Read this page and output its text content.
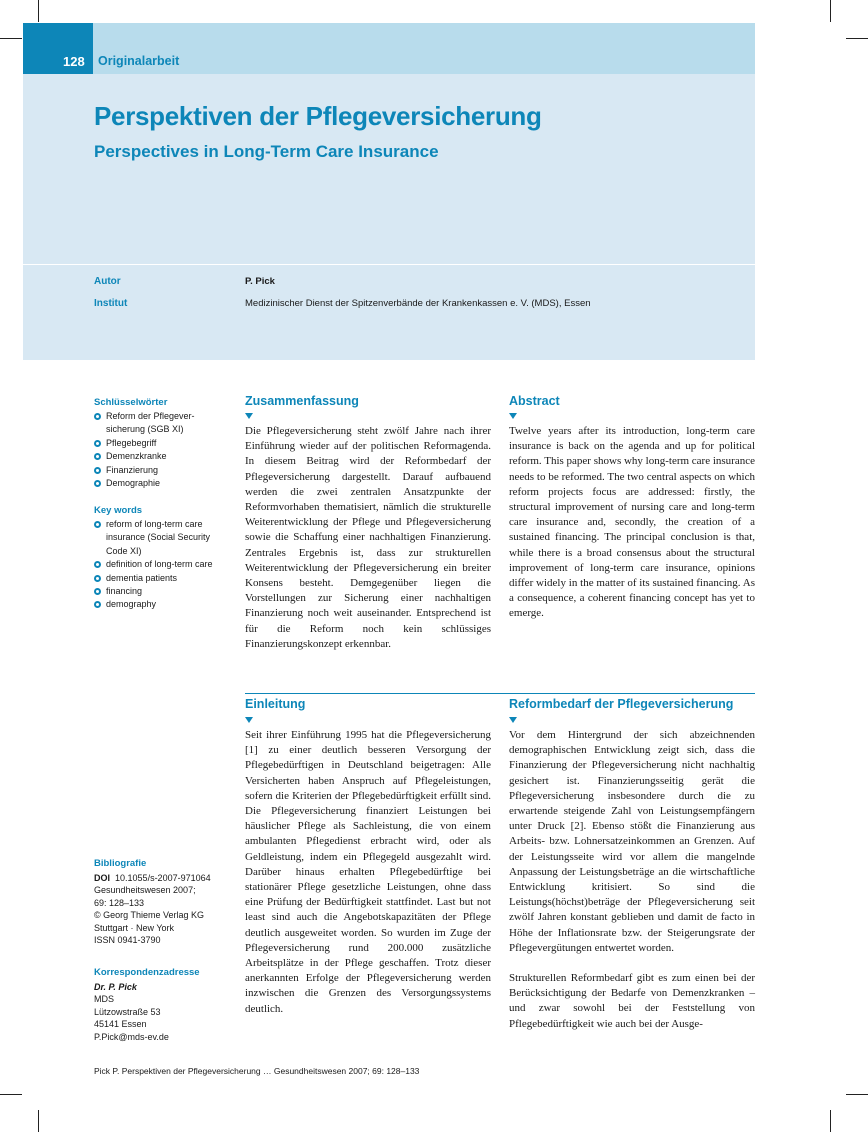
128 Originalarbeit
Perspektiven der Pflegeversicherung
Perspectives in Long-Term Care Insurance
Autor	P. Pick
Institut	Medizinischer Dienst der Spitzenverbände der Krankenkassen e. V. (MDS), Essen
Schlüsselwörter
Reform der Pflegever-sicherung (SGB XI)
Pflegebegriff
Demenzkranke
Finanzierung
Demographie
Key words
reform of long-term care insurance (Social Security Code XI)
definition of long-term care
dementia patients
financing
demography
Bibliografie
DOI 10.1055/s-2007-971064
Gesundheitswesen 2007;
69: 128–133
© Georg Thieme Verlag KG
Stuttgart · New York
ISSN 0941-3790
Korrespondenzadresse
Dr. P. Pick
MDS
Lützowstraße 53
45141 Essen
P.Pick@mds-ev.de
Zusammenfassung

Die Pflegeversicherung steht zwölf Jahre nach ihrer Einführung wieder auf der politischen Reformagenda. In diesem Beitrag wird der Reformbedarf der Pflegeversicherung dargestellt. Darauf aufbauend werden die zwei zentralen Ansatzpunkte der Reformvorhaben thematisiert, nämlich die strukturelle Weiterentwicklung der Pflege und Pflegeversicherung sowie die Schaffung einer nachhaltigen Finanzierung. Zentrales Ergebnis ist, dass zur strukturellen Weiterentwicklung der Pflegeversicherung ein breiter Konsens besteht. Demgegenüber liegen die Vorstellungen zur Sicherung einer nachhaltigen Finanzierung noch weit auseinander. Entsprechend ist für die Reform noch kein schlüssiges Finanzierungskonzept erkennbar.

Abstract

Twelve years after its introduction, long-term care insurance is back on the agenda and up for political reform. This paper shows why long-term care insurance needs to be reformed. The two central aspects on which reform projects focus are addressed: firstly, the structural improvement of nursing care and long-term care insurance and, secondly, the creation of a sustained financing. The principal conclusion is that, while there is a broad consensus about the structural improvement of long-term care insurance, opinions differ widely in the matter of its sustained financing. As a consequence, a coherent financing concept has yet to emerge.

Einleitung

Seit ihrer Einführung 1995 hat die Pflegeversicherung [1] zu einer deutlich besseren Versorgung der Pflegebedürftigen in Deutschland beigetragen: Alle Versicherten haben Anspruch auf Pflegeleistungen, sofern die Kriterien der Pflegebedürftigkeit erfüllt sind. Die Pflegeversicherung finanziert Leistungen bei häuslicher Pflege als Sachleistung, die von einem ambulanten Pflegedienst erbracht wird, oder als Geldleistung, indem ein Pflegegeld ausgezahlt wird. Darüber hinaus erhalten Pflegebedürftige bei stationärer Pflege gesetzliche Leistungen, ohne dass eine Prüfung der Bedürftigkeit stattfindet. Last but not least sind auch die Angebotskapazitäten der Pflege deutlich ausgeweitet worden. So wurden im Zuge der Pflegeversicherung rund 200.000 zusätzliche Arbeitsplätze in der Pflege geschaffen. Trotz dieser anerkannten Erfolge der Pflegeversicherung werden inzwischen die Grenzen des Versorgungssystems deutlich.

Reformbedarf der Pflegeversicherung

Vor dem Hintergrund der sich abzeichnenden demographischen Entwicklung zeigt sich, dass die Finanzierung der Pflegeversicherung nicht nachhaltig gesichert ist. Finanzierungsseitig gerät die Pflegeversicherung insbesondere durch die zu erwartende steigende Zahl von Leistungsempfängern unter Druck [2]. Ebenso stößt die Finanzierung aus Arbeits- bzw. Lohnersatzeinkommen an Grenzen. Auf der Leistungsseite wird vor allem die mangelnde Anpassung der Leistungsbeträge an die wirtschaftliche Entwicklung kritisiert. So sind die Leistungs(höchst)beträge der Pflegeversicherung seit zwölf Jahren konstant geblieben und damit de facto in Höhe der Inflationsrate bzw. der Steigerungsrate der Pflegevergütungen entwertet worden.

Strukturellen Reformbedarf gibt es zum einen bei der Berücksichtigung der Bedarfe von Demenzkranken – und zwar sowohl bei der Feststellung von Pflegebedürftigkeit wie auch bei der Ausge-

Pick P. Perspektiven der Pflegeversicherung … Gesundheitswesen 2007; 69: 128–133
